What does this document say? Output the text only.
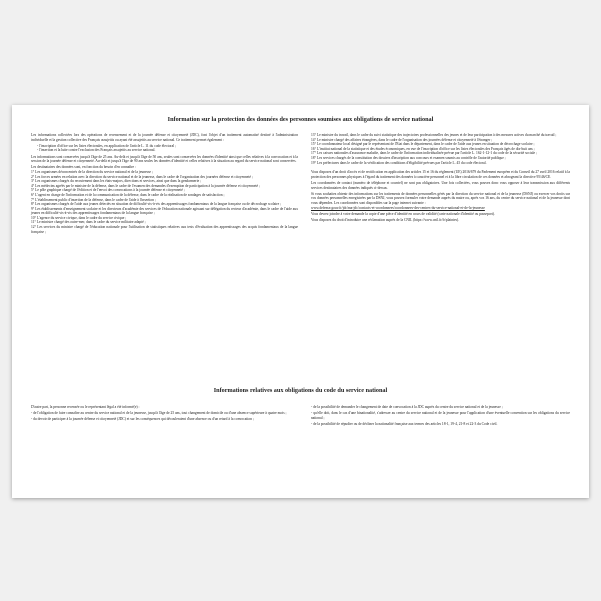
Information sur la protection des données des personnes soumises aux obligations de service national

Les informations collectées lors des opérations de recensement et de la journée défense et citoyenneté (JDC), font l'objet d'un traitement automatisé destiné à l'administration individuelle et la gestion collective des Français assujettis ou ayant été assujettis au service national. Ce traitement permet également :

- l'inscription d'office sur les listes électorales, en application de l'article L. 11 du code électoral ;

- l'insertion et la lutte contre l'exclusion des Français assujettis au service national.

Les informations sont conservées jusqu'à l'âge de 25 ans. Au-delà et jusqu'à l'âge de 50 ans, seules sont conservées les données d'identité ainsi que celles relatives à la convocation et à la session de la journée défense et citoyenneté. Au-delà et jusqu'à l'âge de 90 ans seules les données d'identité et celles relatives à la situation au regard du service national sont conservées.

Les destinataires des données sont, en fonction du besoin d'en connaître :

1° Les organismes déconcentrés de la direction du service national et de la jeunesse ;

2° Les forces armées en relation avec la direction du service national et de la jeunesse, dans le cadre de l'organisation des journées défense et citoyenneté ;

3° Les organismes chargés du recrutement dans les états-majors, directions et services, ainsi que dans la gendarmerie ;

4° Les médecins agréés par le ministre de la défense, dans le cadre de l'examen des demandes d'exemption de participation à la journée défense et citoyenneté ;

5° Le pôle graphique chargé de l'édition et de l'envoi des convocations à la journée défense et citoyenneté ;

6° L'agent en charge de l'information et de la communication de la défense, dans le cadre de la réalisation de sondages de satisfaction ;

7° L'établissement public d'insertion de la défense, dans le cadre de l'aide à l'insertion ;

8° Les organismes chargés de l'aide aux jeunes détectés en situation de difficulté vis-à-vis des apprentissages fondamentaux de la langue française ou de décrochage scolaire ;

9° Les établissements d'enseignement scolaire et les directeurs d'académie des services de l'éducation nationale agissant sur délégation du recteur d'académie, dans le cadre de l'aide aux jeunes en difficulté vis-à-vis des apprentissages fondamentaux de la langue française ;

10° L'agence du service civique, dans le cadre du service civique ;

11° Le ministre chargé des outre-mer, dans le cadre du service militaire adapté ;

12° Les services du ministre chargé de l'éducation nationale pour l'utilisation de statistiques relatives aux tests d'évaluation des apprentissages des acquis fondamentaux de la langue française ;

13° Le ministre du travail, dans le cadre du suivi statistique des trajectoires professionnelles des jeunes et de leur participation à des mesures actives du marché du travail ;

14° Le ministre chargé des affaires étrangères, dans le cadre de l'organisation des journées défense et citoyenneté à l'étranger ;

15° Le coordonnateur local désigné par le représentant de l'Etat dans le département, dans le cadre de l'aide aux jeunes en situation de décrochage scolaire ;

16° L'institut national de la statistique et des études économiques, en vue de l'inscription d'office sur les listes électorales des Français âgés de dix-huit ans ;

17° Les caisses nationales d'assurance maladie, dans le cadre de l'information individualisée prévue par l'article L. 162-1-12-1 du code de la sécurité sociale ;

18° Les services chargés de la constitution des dossiers d'inscription aux concours et examen soumis au contrôle de l'autorité publique ;

19° Les préfectures dans le cadre de la vérification des conditions d'éligibilité prévues par l'article L. 45 du code électoral.

Vous disposez d'un droit d'accès et de rectification en application des articles 15 et 16 du règlement (UE) 2016/679 du Parlement européen et du Conseil du 27 avril 2016 relatif à la protection des personnes physiques à l'égard du traitement des données à caractère personnel et à la libre circulation de ces données et abrogeant la directive 95/46/CE.

Les coordonnées de contact (numéro de téléphone et courriel) ne sont pas obligatoires. Une fois collectées, vous pouvez donc vous opposer à leur transmission aux différents services destinataires des données indiqués ci-dessus.

Si vous souhaitez obtenir des informations sur les traitements de données personnelles gérés par la direction du service national et de la jeunesse (DSNJ) ou exercer vos droits sur vos données personnelles enregistrées par la DSNJ, vous pouvez formuler votre demande auprès du maire ou, après vos 16 ans, du centre du service national et de la jeunesse dont vous dépendez. Les coordonnées sont disponibles sur la page internet suivante :

www.defense.gouv.fr/jdc/ma-jdc/contacts-et-coordonnees/coordonnees-des-centres-du-service-national-et-de-la-jeunesse

Vous devrez joindre à votre demande la copie d'une pièce d'identité en cours de validité (carte nationale d'identité ou passeport).

Vous disposez du droit d'introduire une réclamation auprès de la CNIL (https://www.cnil.fr/fr/plaintes).

Informations relatives aux obligations du code du service national

D'autre part, la personne recensée ou le représentant légal a été informé(e) :

- de l'obligation de faire connaître au centre du service national et de la jeunesse, jusqu'à l'âge de 25 ans, tout changement de domicile ou d'une absence supérieure à quatre mois ;

- du devoir de participer à la journée défense et citoyenneté (JDC) et sur les conséquences qui découleraient d'une absence ou d'un retard à la convocation ;

- de la possibilité de demander le changement de date de convocation à la JDC auprès du centre du service national et de la jeunesse ;

- qu'elle doit, dans le cas d'une binationalité, s'adresser au centre du service national et de la jeunesse pour l'application d'une éventuelle convention sur les obligations du service national ;

- de la possibilité de répudier ou de décliner la nationalité française aux termes des articles 18-1, 19-4, 21-8 et 22-3 du Code civil.
